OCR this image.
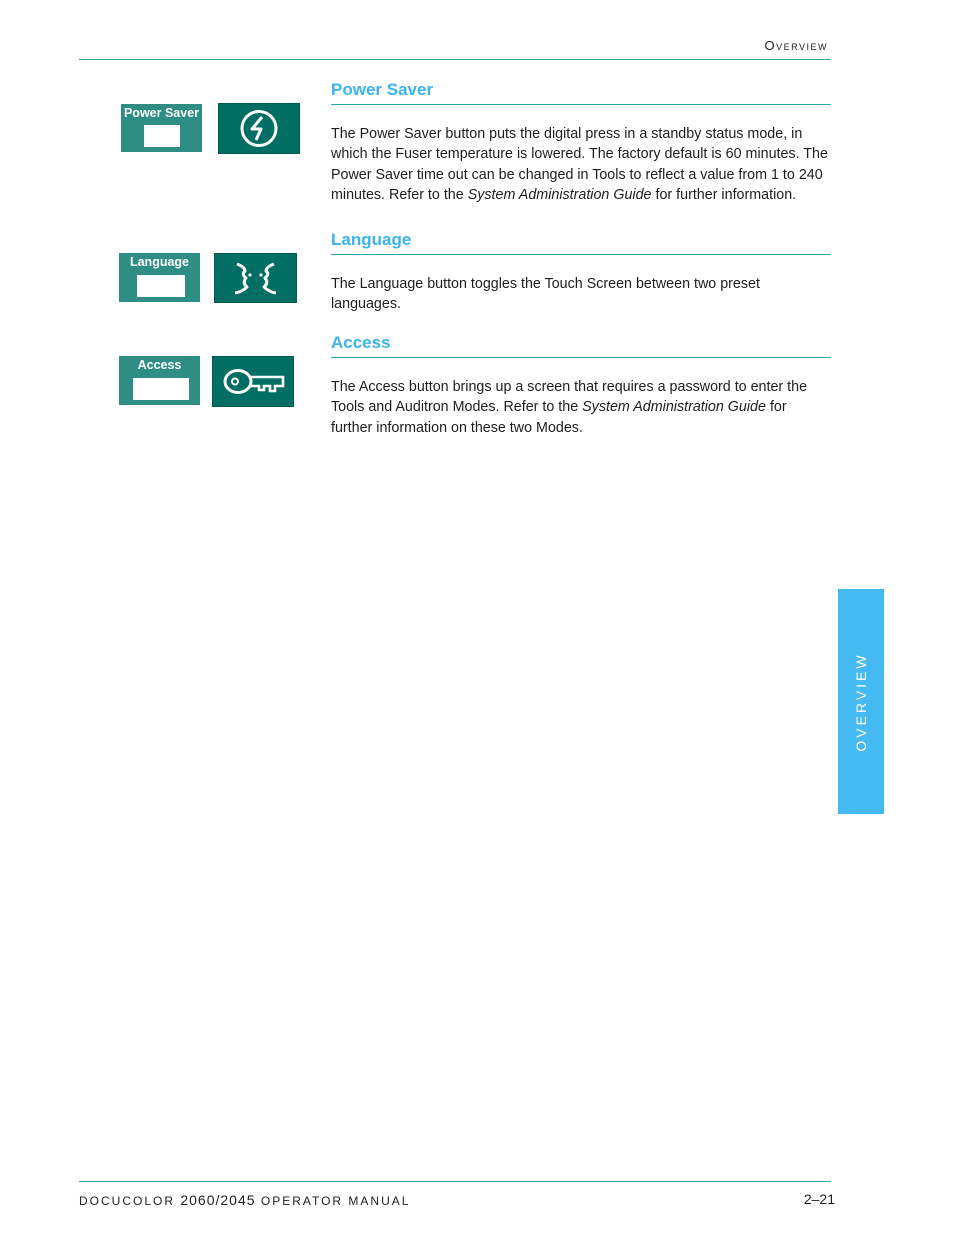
Overview
Power Saver
Power Saver

The Power Saver button puts the digital press in a standby status mode, in which the Fuser temperature is lowered. The factory default is 60 minutes. The Power Saver time out can be changed in Tools to reflect a value from 1 to 240 minutes. Refer to the System Administration Guide for further information.

Language
Language

The Language button toggles the Touch Screen between two preset languages.

Access
Access

The Access button brings up a screen that requires a password to enter the Tools and Auditron Modes. Refer to the System Administration Guide for further information on these two Modes.

OVERVIEW
DOCUCOLOR 2060/2045 OPERATOR MANUAL	2–21
